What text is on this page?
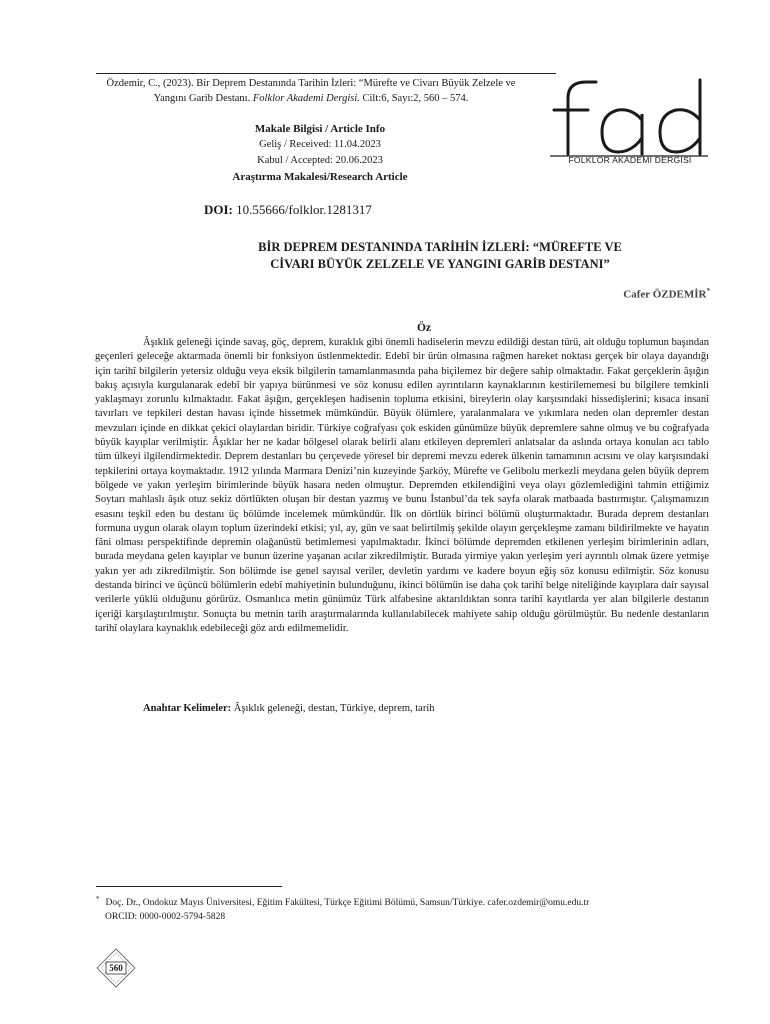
Özdemir, C., (2023). Bir Deprem Destanında Tarihin İzleri: “Mürefte ve Civarı Büyük Zelzele ve Yangını Garib Destanı. Folklor Akademi Dergisi. Cilt:6, Sayı:2, 560 – 574.
Makale Bilgisi / Article Info
Geliş / Received: 11.04.2023
Kabul / Accepted: 20.06.2023
Araştırma Makalesi/Research Article
FOLKLOR AKADEMİ DERGİSİ
DOI: 10.55666/folklor.1281317
BİR DEPREM DESTANINDA TARİHİN İZLERİ: “MÜREFTE VE
CİVARI BÜYÜK ZELZELE VE YANGINI GARİB DESTANI”
Cafer ÖZDEMİR*
Öz

Âşıklık geleneği içinde savaş, göç, deprem, kuraklık gibi önemli hadiselerin mevzu edildiği destan türü, ait olduğu toplumun başından geçenleri geleceğe aktarmada önemli bir fonksiyon üstlenmektedir. Edebî bir ürün olmasına rağmen hareket noktası gerçek bir olaya dayandığı için tarihî bilgilerin yetersiz olduğu veya eksik bilgilerin tamamlanmasında paha biçilemez bir değere sahip olmaktadır. Fakat gerçeklerin âşığın bakış açısıyla kurgulanarak edebî bir yapıya bürünmesi ve söz konusu edilen ayrıntıların kaynaklarının kestirilememesi bu bilgilere temkinli yaklaşmayı zorunlu kılmaktadır. Fakat âşığın, gerçekleşen hadisenin topluma etkisini, bireylerin olay karşısındaki hissedişlerini; kısaca insanî tavırları ve tepkileri destan havası içinde hissetmek mümkündür. Büyük ölümlere, yaralanmalara ve yıkımlara neden olan depremler destan mevzuları içinde en dikkat çekici olaylardan biridir. Türkiye coğrafyası çok eskiden günümüze büyük depremlere sahne olmuş ve bu coğrafyada büyük kayıplar verilmiştir. Âşıklar her ne kadar bölgesel olarak belirli alanı etkileyen depremleri anlatsalar da aslında ortaya konulan acı tablo tüm ülkeyi ilgilendirmektedir. Deprem destanları bu çerçevede yöresel bir depremi mevzu ederek ülkenin tamamının acısını ve olay karşısındaki tepkilerini ortaya koymaktadır. 1912 yılında Marmara Denizi’nin kuzeyinde Şarköy, Mürefte ve Gelibolu merkezli meydana gelen büyük deprem bölgede ve yakın yerleşim birimlerinde büyük hasara neden olmuştur. Depremden etkilendiğini veya olayı gözlemlediğini tahmin ettiğimiz Soytarı mahlaslı âşık otuz sekiz dörtlükten oluşan bir destan yazmış ve bunu İstanbul’da tek sayfa olarak matbaada bastırmıştır. Çalışmamızın esasını teşkil eden bu destanı üç bölümde incelemek mümkündür. İlk on dörtlük birinci bölümü oluşturmaktadır. Burada deprem destanları formuna uygun olarak olayın toplum üzerindeki etkisi; yıl, ay, gün ve saat belirtilmiş şekilde olayın gerçekleşme zamanı bildirilmekte ve hayatın fâni olması perspektifinde depremin olağanüstü betimlemesi yapılmaktadır. İkinci bölümde depremden etkilenen yerleşim birimlerinin adları, burada meydana gelen kayıplar ve bunun üzerine yaşanan acılar zikredilmiştir. Burada yirmiye yakın yerleşim yeri ayrıntılı olmak üzere yetmişe yakın yer adı zikredilmiştir. Son bölümde ise genel sayısal veriler, devletin yardımı ve kadere boyun eğiş söz konusu edilmiştir. Söz konusu destanda birinci ve üçüncü bölümlerin edebî mahiyetinin bulunduğunu, ikinci bölümün ise daha çok tarihî belge niteliğinde kayıplara dair sayısal verilerle yüklü olduğunu görürüz. Osmanlıca metin günümüz Türk alfabesine aktarıldıktan sonra tarihî kayıtlarda yer alan bilgilerle destanın içeriği karşılaştırılmıştır. Sonuçta bu metnin tarih araştırmalarında kullanılabilecek mahiyete sahip olduğu görülmüştür. Bu nedenle destanların tarihî olaylara kaynaklık edebileceği göz ardı edilmemelidir.

Anahtar Kelimeler: Âşıklık geleneği, destan, Türkiye, deprem, tarih
* Doç. Dr., Ondokuz Mayıs Üniversitesi, Eğitim Fakültesi, Türkçe Eğitimi Bölümü, Samsun/Türkiye. cafer.ozdemir@omu.edu.tr
ORCID: 0000-0002-5794-5828
560
